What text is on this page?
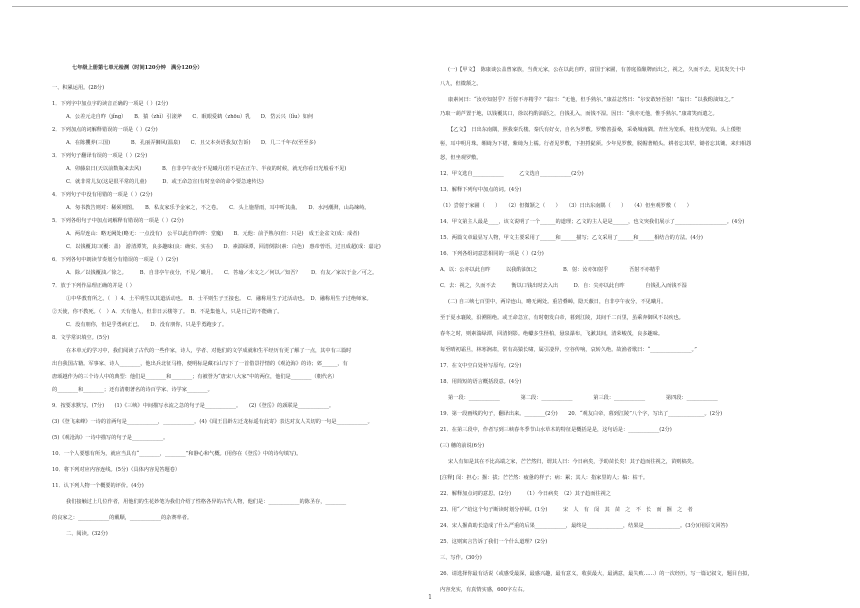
七年级上册第七单元检测（时间120分钟　满分120分）
一、积累运用。(28分)
1．下列字中加点字的读音正确的一项是（ ）(2分)
A．公差元走自昨（jǐng）　　B．猿（zhì）引滚斧　　C．眠眼爱鹤（zhōu）乳　　D．岱云兴（lǐu）如何
2．下列加点的词解释错误的一项是（ ）(2分)
A．在陈攫养(三国)　　　　B．孔丽弄狮风(温泉)　　C．且父本卖语我友(告诉)　　D．几二千年衣(至至多)
3．下列句子翻译有误的一项是（ ）(2分)
A．卯藤泉日(天以前数瓶来去风)　　　　B．自非亭午夜分不见曦月(若不是在正午、半夜的时候，就无你看日光般看不见)
C．就非常儿友(这是很平常的儿童)　　　D．或王命急宣(有时皇帝的命令要急速传达)
4．下列句子中没有用错的一项是（ ）(2分)
A．匆书教告则对：稀须则图。　　B．私友家乐予金家之，不之卷。　　C．头上施帮雨，耳中听其曲。　　D．水河潮湃，山岛竦峙。
5．下列各组句子中加点词解释有错误的一项是（ ）(2分)
A．两岸连山：略无阙处(略无：一点没有)　公平以此自昨(昨：堂魔)　　B．元他：前予熟尔(但：只是)　成王金盆文(成：成者)
C．以钱覆其口(覆：盖)　游清潭笑，良多趣味(良：确实、实在)　　D．素湍绿潭，回清倒影(素：白色)　惠帝曾语，过且成超(成：嘉定)
6．下列各句中朗读节奏划分有错误的一项是（ ）(2分)
A．除／以钱覆油／徐之。　　　B．自非亭午夜分，不见／曦月。　　C．答瑜／未文之／何以／知吾？　　D．有友／家以于金／可之。
7．放于下列作品理正确的并是（ ）
①中华教育所之。（　）4．土平明生以其道活动也。　B．士平则生子王接也。　C．融称用生子过活动也。　D．融称用生子过绝师家。
②天使，你不教死。（　）A．天有他人，但非日云楼等了。　B．不是集他人，只是日己的不能确了。
C．没有朋你，但是乎勇病正已。　　D．没有朋你，只是乎勇跑步了。
8．文学常识填空。(5分)
在本单元的学习中，我们阅读了古代的一些作家，诗人，学者、对他们的文学成就和生平经历有更了解了一点，其中有三篇时
出自我国古籍。军事家、诗人________，他出兵北征马格，便明标是藏石山写下了一首借景抒情的《观沧海》的诗；郊______，有
唐颂越作为的三个诗人中的典型：他们是________和________；有被誉为“唐宋八大家”中的两位，他们是________（朝代名）
的________和________；还有清朝著名的诗百学家、诗学家________。
9．按要求默写。(7分)　　(1)《三峡》中间描写水流之急的句子是____________。　　(2)《登岳》的颈联是____________。
(3)《登飞来峰》一诗的首两句是____________，____________。(4)《闻王昌龄左迁龙标遥有此寄》表达对友人关切的一句是____________。
(5)《观沧海》一诗中描写的句子是____________。
10．一个人要想有所为，就应当具有“________，________”和静心和气概。(用你在《登岳》中的诗句填写)。
10．将下列对应内容连线。(5分)（具体内容见答题卷）
11．认下列人物一个概要的评价。(4分)
我们接触过上几位作者，用他们的生花妙笔为我们介绍了性格各异的古代人物，他们是：____________的陈圣存，________
的良家之：____________的戴顺，____________的杂赛率者。
二、阅读。(32分)
(一)【甲文】　陈康谈公盖曾家族，当黄元家，公在以此自昨，富国于家圃，有善庭盈酿牌而出之，视之，久而不去。见其发矢十中
八九，但微颔之。
康素问曰：“汝亦知射乎？吾射不亦精乎？”翁曰：“无他，但手熟尔。”康益忿然曰：“尔安敢轻吾射！”翁曰：“以我酌油知之。”
乃取一葫芦置于地，以钱覆其口，徐以杓酌油沥之，自钱孔入，而钱不湿。因曰：“我亦无他，惟手熟尔。”康肃笑而遣之。
【乙文】　日出东南隅，照我秦氏楼。秦氏有好女，自名为罗敷。罗敷善蚕桑，采桑城南隅。青丝为笼系，桂枝为笼钩。头上倭堕
髻，耳中明月珠。缃绮为下裙，紫绮为上襦。行者见罗敷，下担捋髭须。少年见罗敷，脱帽著帩头。耕者忘其犁，锄者忘其锄。来归相怨
怒，但坐观罗敷。
12．甲文选自____________　　　乙文选自____________(2分)
13．解释下列句中加点的词。(4分)
（1）尝射于家圃（　　）　　（2）但微颔之（　　）　　（3）日出东南隅（　　）　　（4）但坐观罗敷（　　）
14．甲文第主人最是____，该文说明了一个______的道理；乙文的主人是是______，也文突我们展示了____________________。(4分)
15．两篇文章最显写人物，甲文主要采用了______和______描写；乙文采用了______和______相结合的方法。(4分)
16．下列各组词意思相同的一项是（ ）(2分)
A．以：公亦以此自昨　　　以我酌油知之　　　　　B．射：汝亦知射乎　　　　吾射不亦精乎
C．去：视之，久而不去　　　衡以口钱出时去入出　　　D．自：尖亦以此自昨　　　　自钱孔入而钱不湿
(二) 自三峡七百里中，两岸连山，略无阙处。重岩叠嶂，隐天蔽日，自非亭午夜分，不见曦月。
至于夏水襄陵，沿溯阻绝。或王命急宣，有时朝发白帝，暮到江陵，其间千二百里，虽乘奔御风不以疾也。
春冬之时，则素湍绿潭，回清倒影。绝巘多生怪柏，悬泉瀑布，飞漱其间，清荣峻茂，良多趣味。
每至晴初霜旦，林寒涧肃，常有高猿长啸，属引凄异，空谷传响，哀转久绝。故渔者歌曰：“________________。”
17．在文中空白处补写原句。(2分)
18．用简短的语言概括段意。(4分)
第一段：____________　　　　第二段：____________　　　　第三段：____________　　　　第四段：____________
19．第一段画线的句子，翻译出来。________(2分)　　20．“观友白帝，暮到江陵”八个字，写出了______________。(2分)
21．在第三段中，作者写到三峡春冬季节山水草木的特征是概括是是，这句话是：____________(2分)
(三) 穗的前说(6分)
宋人有如是其在不比高端之家，芒芒然归，谓其人曰：今日病矣，予助苗长矣！其子趋而往视之，苗则槁矣。
[注释] 闵：担心；揠：拔；芒芒然：疲惫的样子；病：累；其人：指家里的人；槁：枯干。
22．解释加点词的意思。(2分)　　　（1）今日病矣　（2）其子趋而往视之
23．用“／”给这个句子断读时划分停顿。(1分)　　　宋　人　有　闵　其　苗　之　不　长　而　揠　之　者
24．宋人揠苗助长造成了什么严重的后果____________，最终是______________，结果是______________。(3分)(用原文回答)
25．这则寓言告诉了我们一个什么道理？(2分)
三、写作。(30分)
26．请选择你最有话说（或感受最深，最感兴趣，最有意义，收获最大，最满意，最失败……）的一次经历，写一篇记叙文，题目自拟，
内容充实，有真情实感，600字左右。
1
